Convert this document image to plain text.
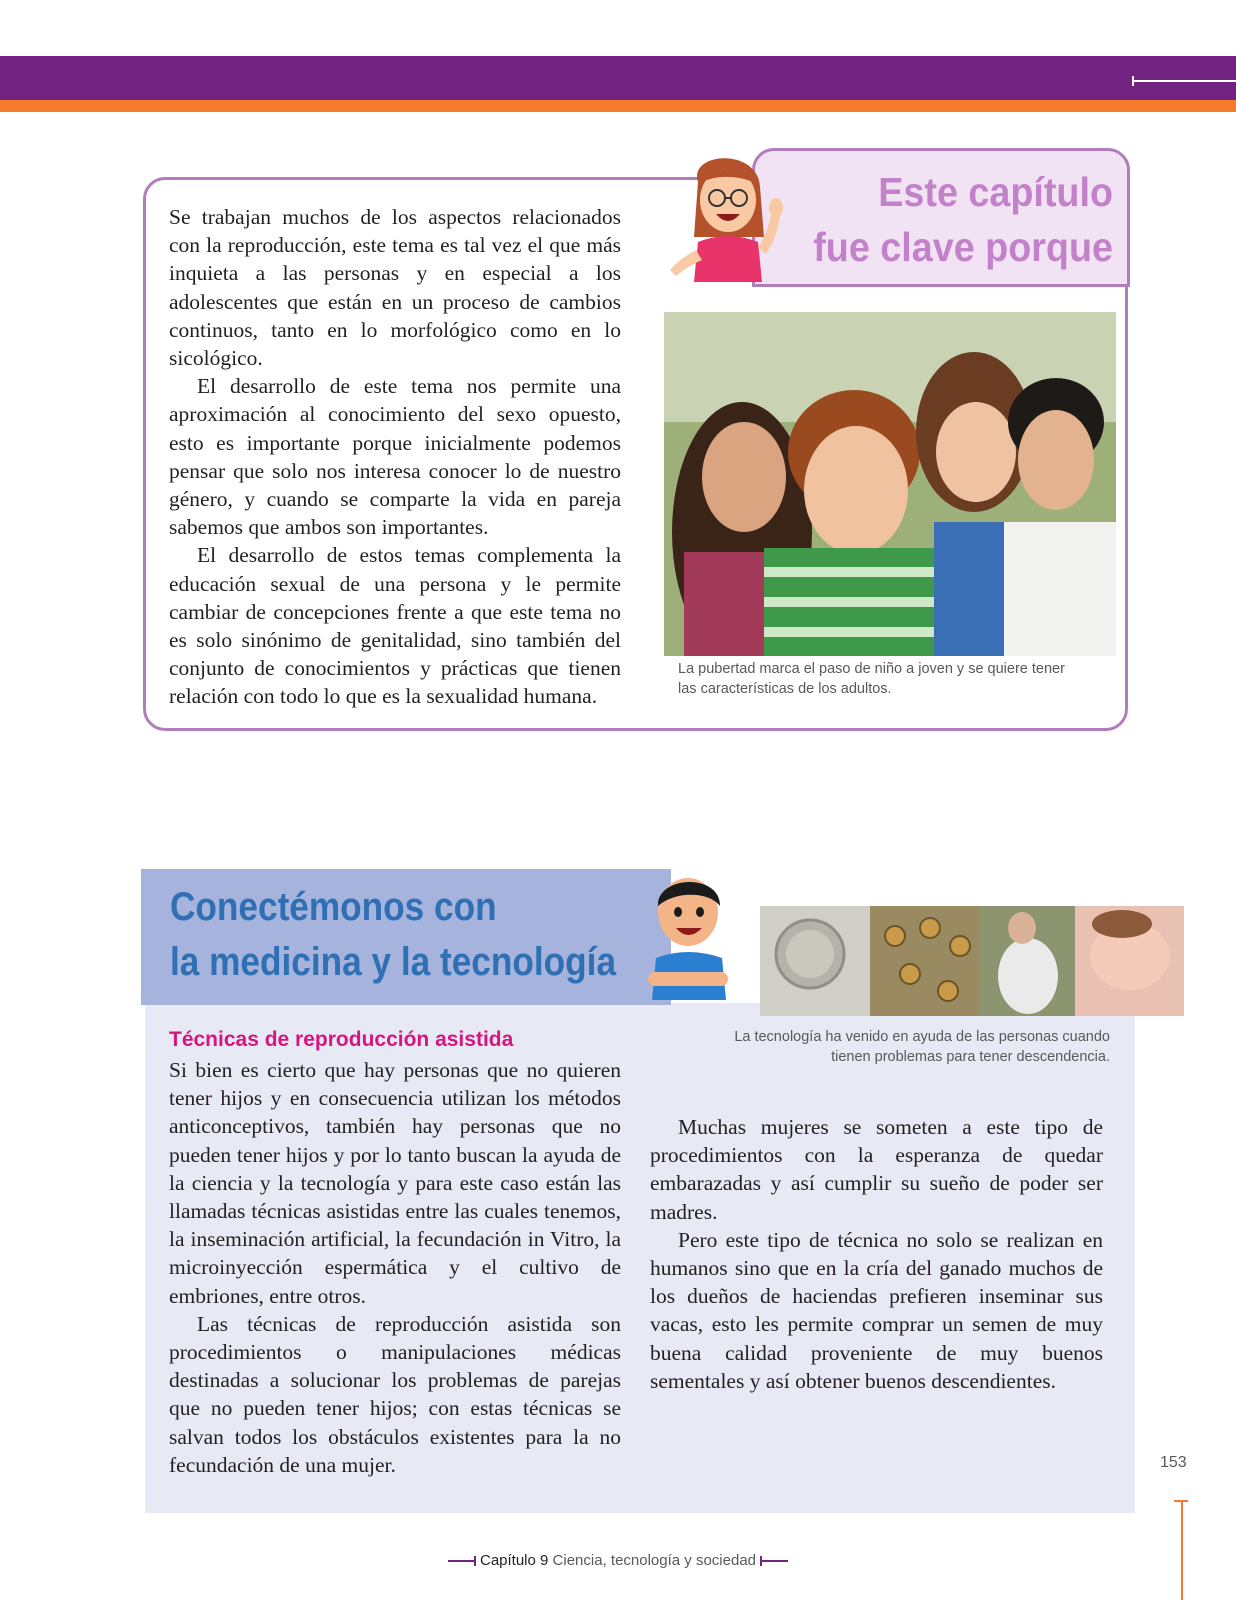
Este capítulo
fue clave porque

Se trabajan muchos de los aspectos relacionados con la reproducción, este tema es tal vez el que más inquieta a las personas y en especial a los adolescentes que están en un proceso de cambios continuos, tanto en lo morfológico como en lo sicológico.

El desarrollo de este tema nos permite una aproximación al conocimiento del sexo opuesto, esto es importante porque inicialmente podemos pensar que solo nos interesa conocer lo de nuestro género, y cuando se comparte la vida en pareja sabemos que ambos son importantes.

El desarrollo de estos temas complementa la educación sexual de una persona y le permite cambiar de concepciones frente a que este tema no es solo sinónimo de genitalidad, sino también del conjunto de conocimientos y prácticas que tienen relación con todo lo que es la sexualidad humana.

La pubertad marca el paso de niño a joven y se quiere tener
las características de los adultos.
Conectémonos con
la medicina y la tecnología
La tecnología ha venido en ayuda de las personas cuando
tienen problemas para tener descendencia.
Técnicas de reproducción asistida

Si bien es cierto que hay personas que no quieren tener hijos y en consecuencia utilizan los métodos anticonceptivos, también hay personas que no pueden tener hijos y por lo tanto buscan la ayuda de la ciencia y la tecnología y para este caso están las llamadas técnicas asistidas entre las cuales tenemos, la inseminación artificial, la fecundación in Vitro, la microinyección espermática y el cultivo de embriones, entre otros.

Las técnicas de reproducción asistida son procedimientos o manipulaciones médicas destinadas a solucionar los problemas de parejas que no pueden tener hijos; con estas técnicas se salvan todos los obstáculos existentes para la no fecundación de una mujer.

Muchas mujeres se someten a este tipo de procedimientos con la esperanza de quedar embarazadas y así cumplir su sueño de poder ser madres.

Pero este tipo de técnica no solo se realizan en humanos sino que en la cría del ganado muchos de los dueños de haciendas prefieren inseminar sus vacas, esto les permite comprar un semen de muy buena calidad proveniente de muy buenos sementales y así obtener buenos descendientes.

153
Capítulo 9 Ciencia, tecnología y sociedad
